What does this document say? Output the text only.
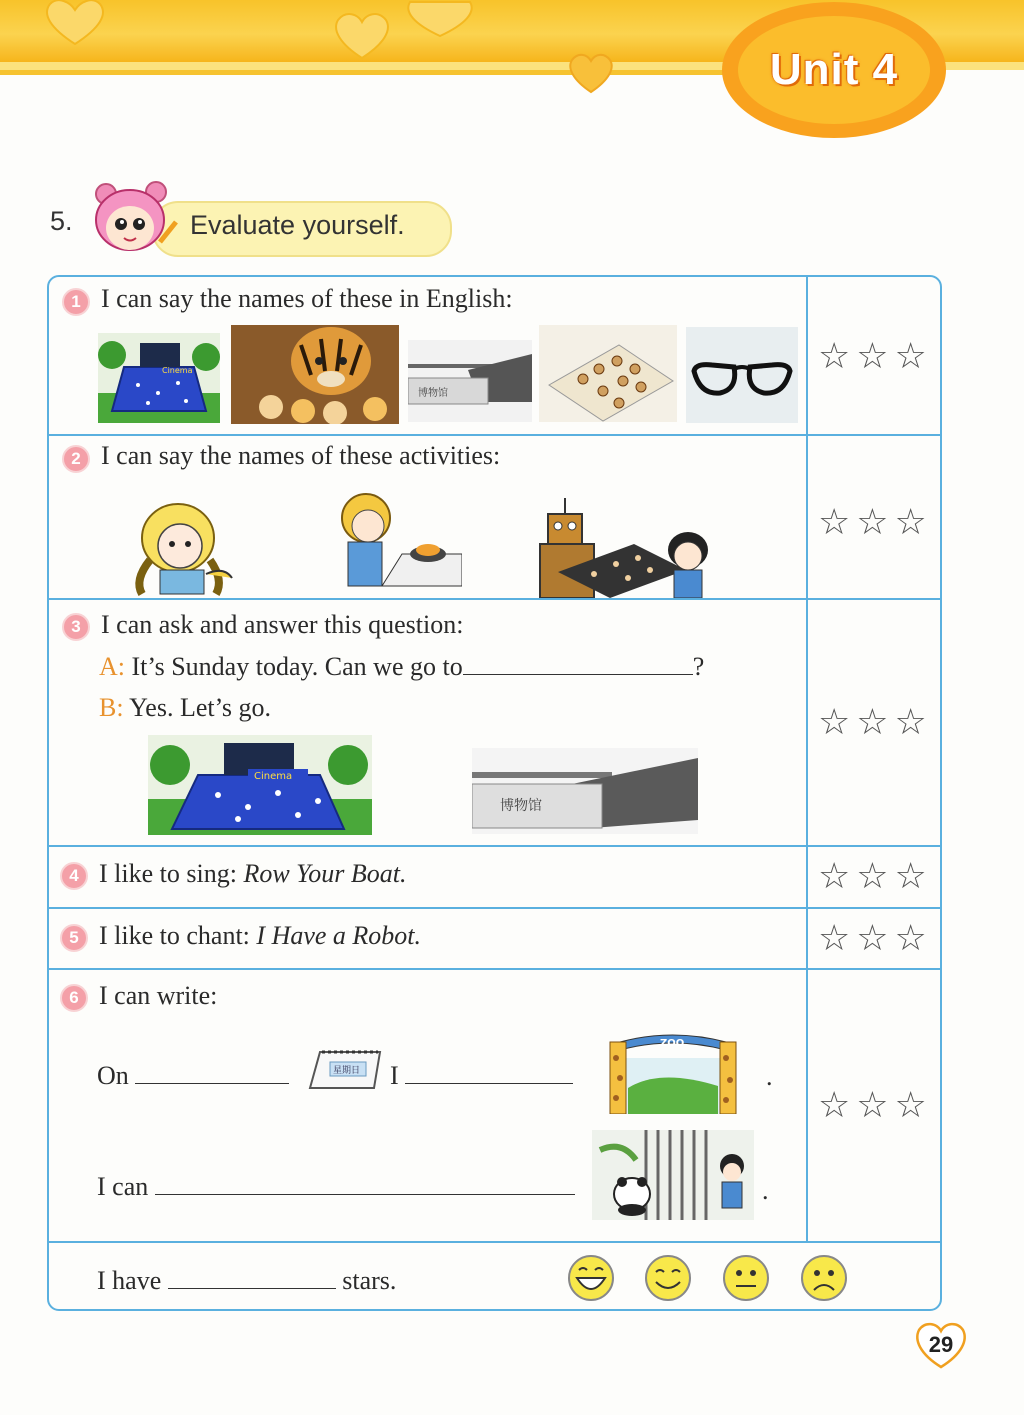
Unit 4
5.	Evaluate yourself.
1 I can say the names of these in English:
Cinema
博物馆
☆☆☆
2 I can say the names of these activities:
☆☆☆
3 I can ask and answer this question:
A: It’s Sunday today. Can we go to	?
B: Yes. Let’s go.
Cinema
博物馆
☆☆☆
4 I like to sing: Row Your Boat.	☆☆☆
5 I like to chant: I Have a Robot.	☆☆☆
6 I can write:
On	星期日 I
ZOO
.
I can	.
☆☆☆
I have	stars.
29
